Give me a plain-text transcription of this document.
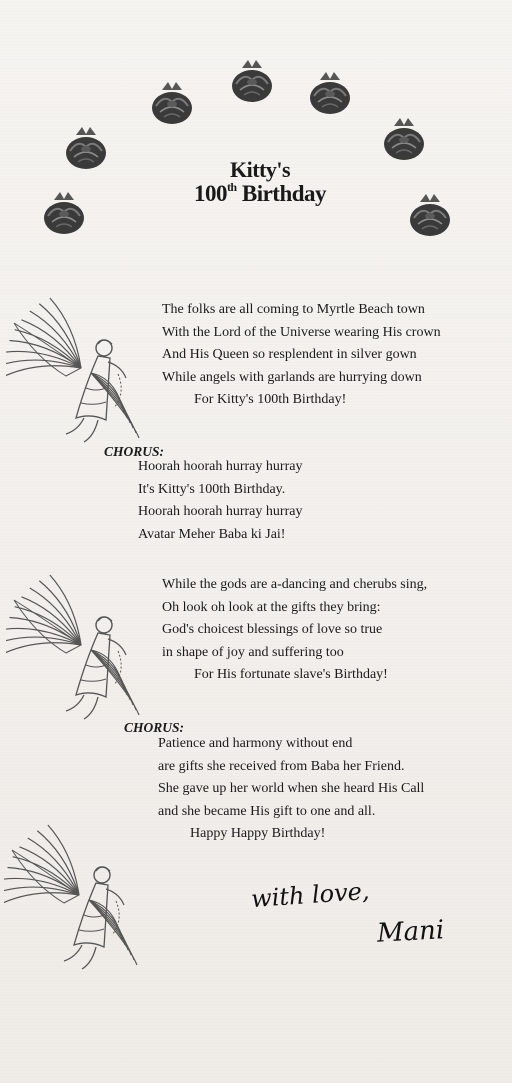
Kitty's
100th Birthday
The folks are all coming to Myrtle Beach town
With the Lord of the Universe wearing His crown
And His Queen so resplendent in silver gown
While angels with garlands are hurrying down
For Kitty's 100th Birthday!
CHORUS:
Hoorah hoorah hurray hurray
It's Kitty's 100th Birthday.
Hoorah hoorah hurray hurray
Avatar Meher Baba ki Jai!
While the gods are a-dancing and cherubs sing,
Oh look oh look at the gifts they bring:
God's choicest blessings of love so true
in shape of joy and suffering too
For His fortunate slave's Birthday!
CHORUS:
Patience and harmony without end
are gifts she received from Baba her Friend.
She gave up her world when she heard His Call
and she became His gift to one and all.
Happy Happy Birthday!
with love,
Mani
